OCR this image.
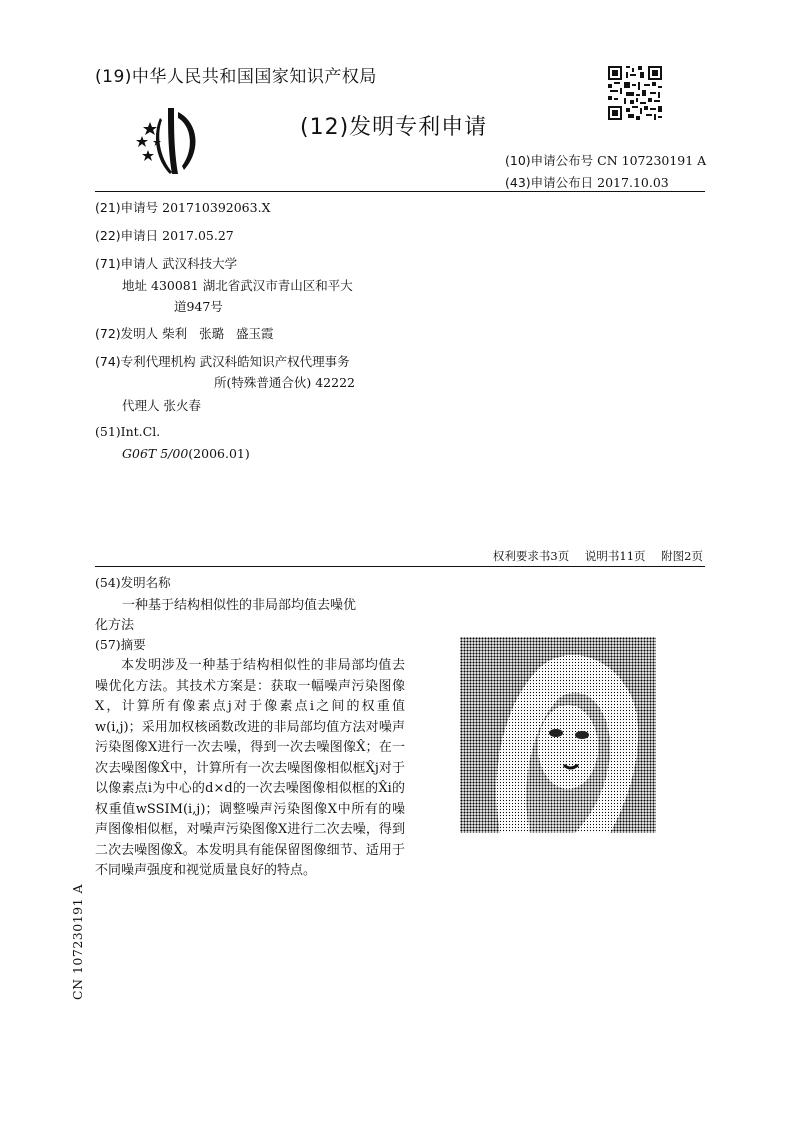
(19)中华人民共和国国家知识产权局
(12)发明专利申请
(10)申请公布号 CN 107230191 A
(43)申请公布日 2017.10.03
(21)申请号 201710392063.X
(22)申请日 2017.05.27
(71)申请人 武汉科技大学
地址 430081 湖北省武汉市青山区和平大
道947号
(72)发明人 柴利   张璐   盛玉霞
(74)专利代理机构 武汉科皓知识产权代理事务
所(特殊普通合伙) 42222
代理人 张火春
(51)Int.Cl.
G06T 5/00(2006.01)
权利要求书3页 说明书11页 附图2页
(54)发明名称
一种基于结构相似性的非局部均值去噪优
化方法
(57)摘要
本发明涉及一种基于结构相似性的非局部均值去噪优化方法。其技术方案是：获取一幅噪声污染图像X，计算所有像素点j对于像素点i之间的权重值w(i,j)；采用加权核函数改进的非局部均值方法对噪声污染图像X进行一次去噪，得到一次去噪图像X̂；在一次去噪图像X̂中，计算所有一次去噪图像相似框X̂j对于以像素点i为中心的d×d的一次去噪图像相似框的X̂i的权重值wSSIM(i,j)；调整噪声污染图像X中所有的噪声图像相似框，对噪声污染图像X进行二次去噪，得到二次去噪图像X̃。本发明具有能保留图像细节、适用于不同噪声强度和视觉质量良好的特点。
CN 107230191 A
